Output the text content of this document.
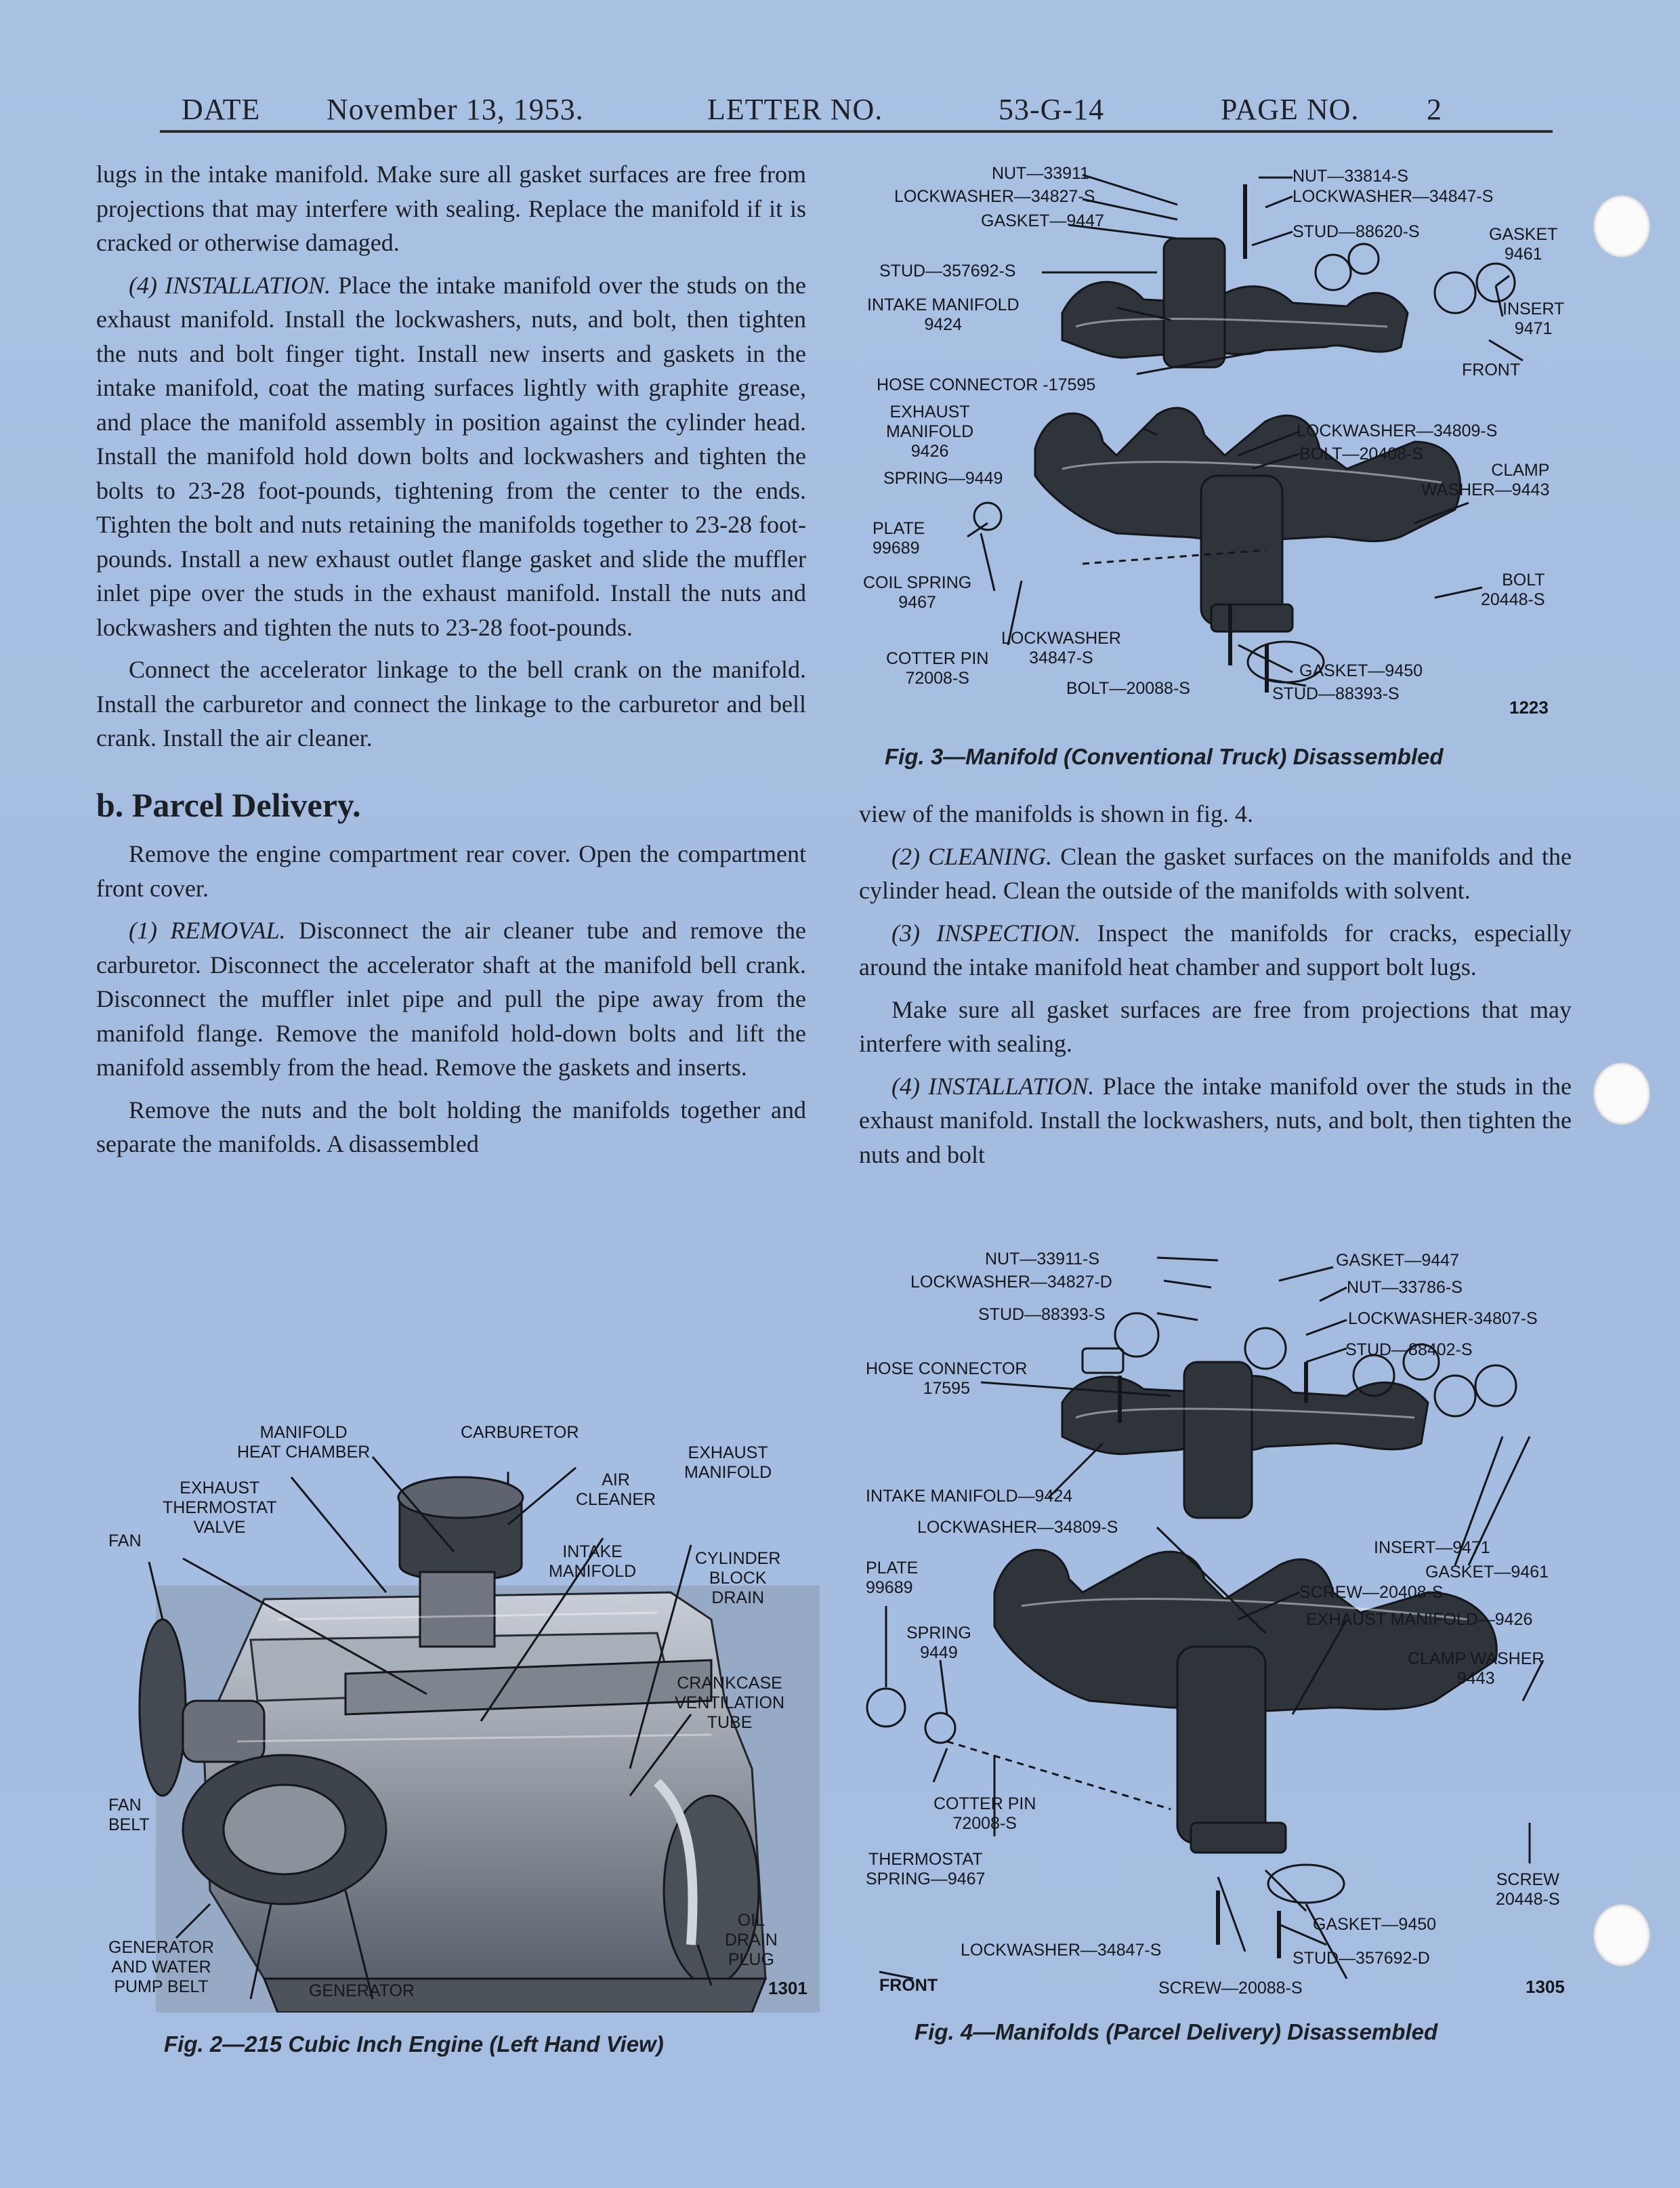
DATE November 13, 1953.	LETTER NO.	53-G-14	PAGE NO. 2

lugs in the intake manifold. Make sure all gasket surfaces are free from projections that may interfere with sealing. Replace the manifold if it is cracked or otherwise damaged.

(4) INSTALLATION. Place the intake manifold over the studs on the exhaust manifold. Install the lockwashers, nuts, and bolt, then tighten the nuts and bolt finger tight. Install new inserts and gaskets in the intake manifold, coat the mating surfaces lightly with graphite grease, and place the manifold assembly in position against the cylinder head. Install the manifold hold down bolts and lockwashers and tighten the bolts to 23-28 foot-pounds, tightening from the center to the ends. Tighten the bolt and nuts retaining the manifolds together to 23-28 foot-pounds. Install a new exhaust outlet flange gasket and slide the muffler inlet pipe over the studs in the exhaust manifold. Install the nuts and lockwashers and tighten the nuts to 23-28 foot-pounds.

Connect the accelerator linkage to the bell crank on the manifold. Install the carburetor and connect the linkage to the carburetor and bell crank. Install the air cleaner.

b. Parcel Delivery.

Remove the engine compartment rear cover. Open the compartment front cover.

(1) REMOVAL. Disconnect the air cleaner tube and remove the carburetor. Disconnect the accelerator shaft at the manifold bell crank. Disconnect the muffler inlet pipe and pull the pipe away from the manifold flange. Remove the manifold hold-down bolts and lift the manifold assembly from the head. Remove the gaskets and inserts.

Remove the nuts and the bolt holding the manifolds together and separate the manifolds. A disassembled

view of the manifolds is shown in fig. 4.

(2) CLEANING. Clean the gasket surfaces on the manifolds and the cylinder head. Clean the outside of the manifolds with solvent.

(3) INSPECTION. Inspect the manifolds for cracks, especially around the intake manifold heat chamber and support bolt lugs.

Make sure all gasket surfaces are free from projections that may interfere with sealing.

(4) INSTALLATION. Place the intake manifold over the studs in the exhaust manifold. Install the lockwashers, nuts, and bolt, then tighten the nuts and bolt

NUT—33911
LOCKWASHER—34827-S
GASKET—9447
STUD—357692-S
INTAKE MANIFOLD
9424
HOSE CONNECTOR -17595
NUT—33814-S
LOCKWASHER—34847-S
STUD—88620-S	GASKET
9461
INSERT
9471
FRONT
EXHAUST
MANIFOLD
9426
SPRING—9449
LOCKWASHER—34809-S
BOLT—20408-S
CLAMP
WASHER—9443
PLATE
99689
COIL SPRING
9467
BOLT
20448-S
LOCKWASHER
34847-S
COTTER PIN
72008-S
BOLT—20088-S
GASKET—9450
STUD—88393-S
1223
Fig. 3—Manifold (Conventional Truck) Disassembled
MANIFOLD
HEAT CHAMBER
CARBURETOR
EXHAUST
MANIFOLD
EXHAUST
THERMOSTAT
VALVE
AIR
CLEANER
FAN
INTAKE
MANIFOLD
CYLINDER
BLOCK
DRAIN
CRANKCASE
VENTILATION
TUBE
FAN
BELT
OIL
DRAIN
PLUG
GENERATOR
AND WATER
PUMP BELT	GENERATOR	1301
Fig. 2—215 Cubic Inch Engine (Left Hand View)
NUT—33911-S
LOCKWASHER—34827-D
STUD—88393-S
HOSE CONNECTOR
17595
INTAKE MANIFOLD—9424
LOCKWASHER—34809-S
GASKET—9447
NUT—33786-S
LOCKWASHER-34807-S
STUD—88402-S
INSERT—9471
GASKET—9461
PLATE
99689	SCREW—20408-S
EXHAUST MANIFOLD—9426
SPRING
9449	CLAMP WASHER
9443
COTTER PIN
72008-S
THERMOSTAT
SPRING—9467	SCREW
20448-S
GASKET—9450
STUD—357692-D
LOCKWASHER—34847-S
FRONT	SCREW—20088-S	1305
Fig. 4—Manifolds (Parcel Delivery) Disassembled
